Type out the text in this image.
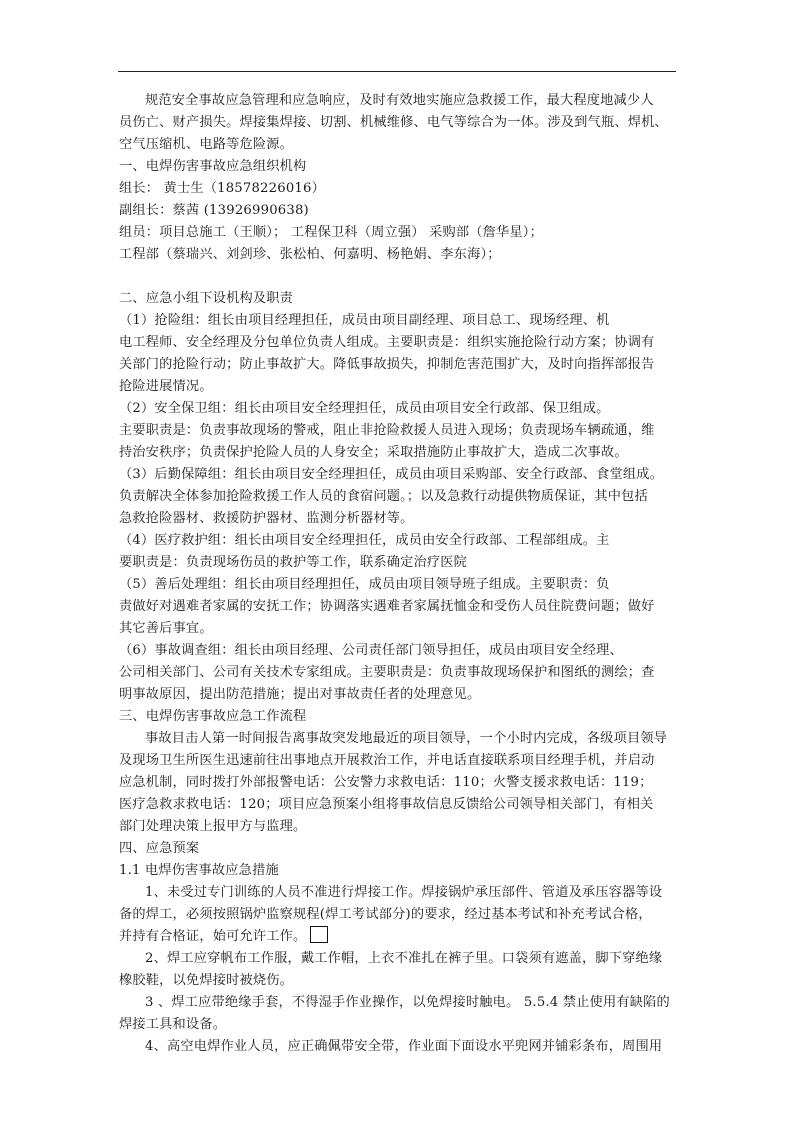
规范安全事故应急管理和应急响应，及时有效地实施应急救援工作，最大程度地减少人

员伤亡、财产损失。焊接集焊接、切割、机械维修、电气等综合为一体。涉及到气瓶、焊机、

空气压缩机、电路等危险源。

一、电焊伤害事故应急组织机构

组长： 黄士生（18578226016）

副组长：蔡茜 (13926990638)

组员：项目总施工（王顺）； 工程保卫科（周立强） 采购部（詹华星）；

工程部（蔡瑞兴、刘剑珍、张松柏、何嘉明、杨艳娟、李东海）；

二、应急小组下设机构及职责

（1）抢险组：组长由项目经理担任，成员由项目副经理、项目总工、现场经理、机

电工程师、安全经理及分包单位负责人组成。主要职责是：组织实施抢险行动方案；协调有

关部门的抢险行动；防止事故扩大。降低事故损失，抑制危害范围扩大，及时向指挥部报告

抢险进展情况。

（2）安全保卫组：组长由项目安全经理担任，成员由项目安全行政部、保卫组成。

主要职责是：负责事故现场的警戒，阻止非抢险救援人员进入现场；负责现场车辆疏通，维

持治安秩序；负责保护抢险人员的人身安全；采取措施防止事故扩大，造成二次事故。

（3）后勤保障组：组长由项目安全经理担任，成员由项目采购部、安全行政部、食堂组成。

负责解决全体参加抢险救援工作人员的食宿问题。；以及急救行动提供物质保证，其中包括

急救抢险器材、救援防护器材、监测分析器材等。

（4）医疗救护组：组长由项目安全经理担任，成员由安全行政部、工程部组成。主

要职责是：负责现场伤员的救护等工作，联系确定治疗医院

（5）善后处理组：组长由项目经理担任，成员由项目领导班子组成。主要职责：负

责做好对遇难者家属的安抚工作；协调落实遇难者家属抚恤金和受伤人员住院费问题；做好

其它善后事宜。

（6）事故调查组：组长由项目经理、公司责任部门领导担任，成员由项目安全经理、

公司相关部门、公司有关技术专家组成。主要职责是：负责事故现场保护和图纸的测绘；查

明事故原因，提出防范措施；提出对事故责任者的处理意见。

三、电焊伤害事故应急工作流程

事故目击人第一时间报告离事故突发地最近的项目领导，一个小时内完成，各级项目领导

及现场卫生所医生迅速前往出事地点开展救治工作，并电话直接联系项目经理手机，并启动

应急机制，同时拨打外部报警电话：公安警力求救电话：110；火警支援求救电话：119；

医疗急救求救电话：120；项目应急预案小组将事故信息反馈给公司领导相关部门，有相关

部门处理决策上报甲方与监理。

四、应急预案

1.1 电焊伤害事故应急措施

1、未受过专门训练的人员不准进行焊接工作。焊接锅炉承压部件、管道及承压容器等设

备的焊工，必须按照锅炉监察规程(焊工考试部分)的要求，经过基本考试和补充考试合格，

并持有合格证，始可允许工作。

2、焊工应穿帆布工作服，戴工作帽，上衣不准扎在裤子里。口袋须有遮盖，脚下穿绝缘

橡胶鞋，以免焊接时被烧伤。

3 、焊工应带绝缘手套，不得湿手作业操作，以免焊接时触电。 5.5.4 禁止使用有缺陷的

焊接工具和设备。

4、高空电焊作业人员，应正确佩带安全带，作业面下面设水平兜网并铺彩条布，周围用
